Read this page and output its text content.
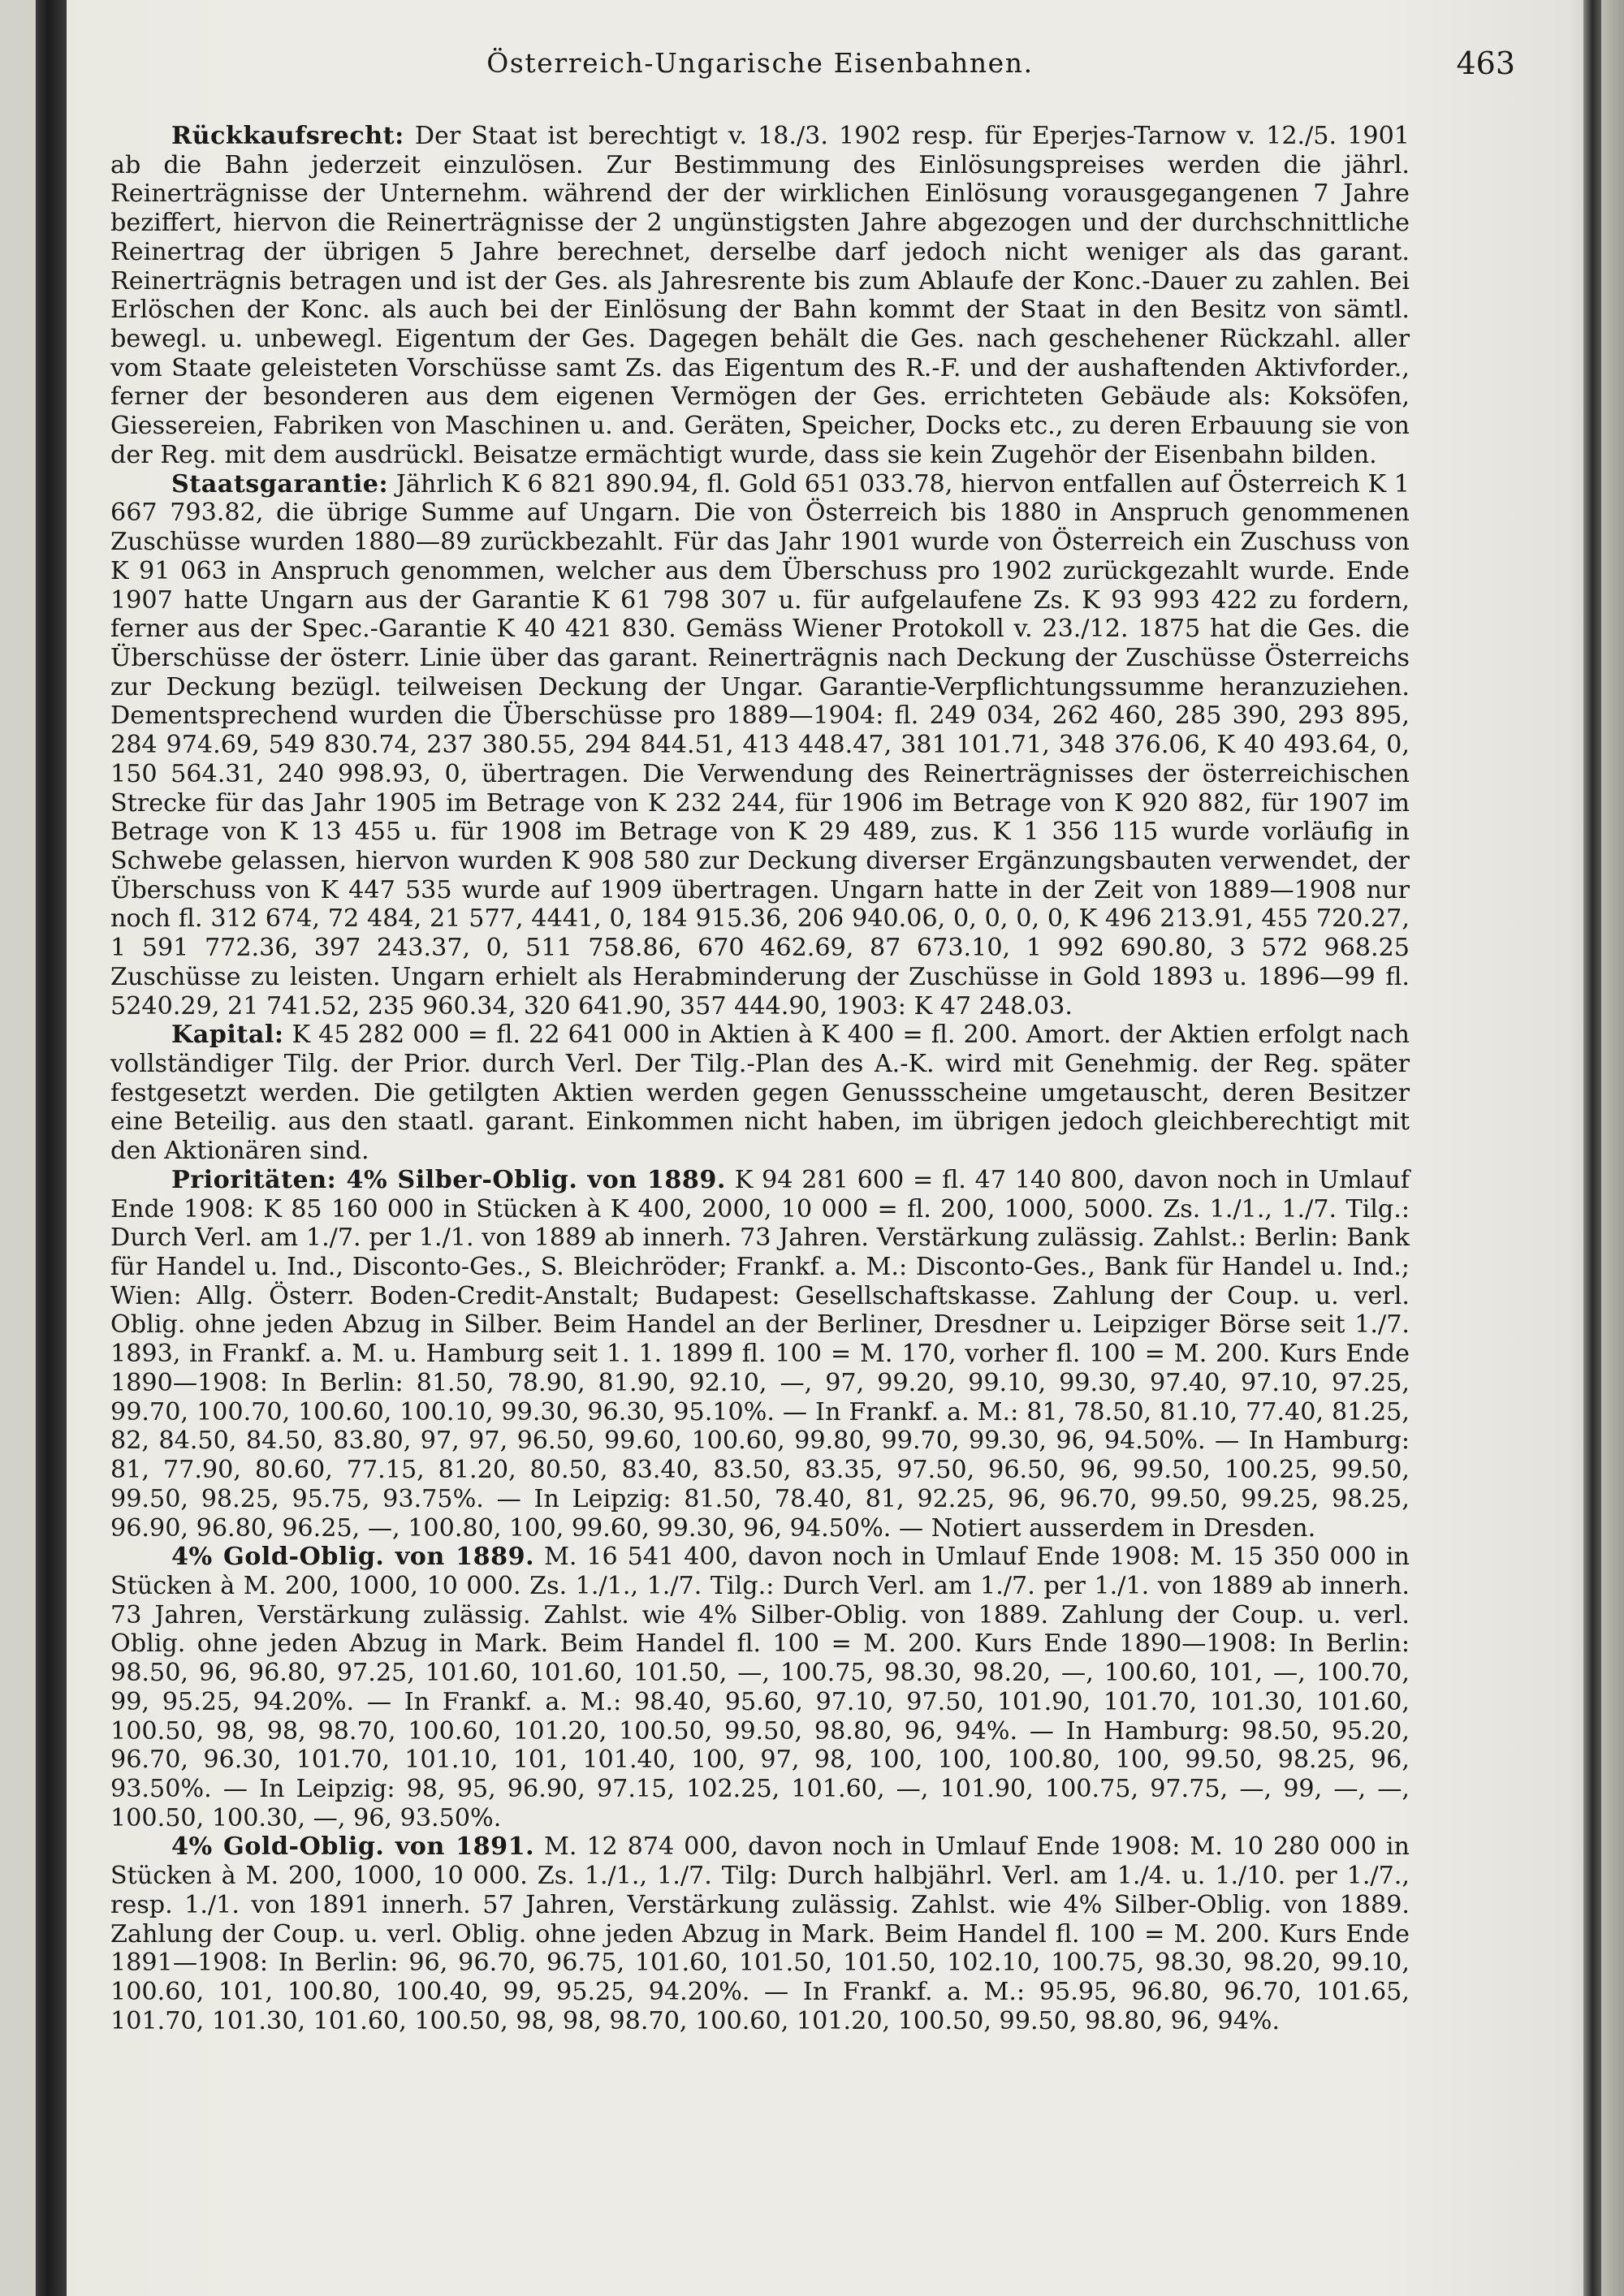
Österreich-Ungarische Eisenbahnen.	463

Rückkaufsrecht: Der Staat ist berechtigt v. 18./3. 1902 resp. für Eperjes-Tarnow v. 12./5. 1901 ab die Bahn jederzeit einzulösen. Zur Bestimmung des Einlösungspreises werden die jährl. Reinerträgnisse der Unternehm. während der der wirklichen Einlösung vorausgegangenen 7 Jahre beziffert, hiervon die Reinerträgnisse der 2 ungünstigsten Jahre abgezogen und der durchschnittliche Reinertrag der übrigen 5 Jahre berechnet, derselbe darf jedoch nicht weniger als das garant. Reinerträgnis betragen und ist der Ges. als Jahresrente bis zum Ablaufe der Konc.-Dauer zu zahlen. Bei Erlöschen der Konc. als auch bei der Einlösung der Bahn kommt der Staat in den Besitz von sämtl. bewegl. u. unbewegl. Eigentum der Ges. Dagegen behält die Ges. nach geschehener Rückzahl. aller vom Staate geleisteten Vorschüsse samt Zs. das Eigentum des R.-F. und der aushaftenden Aktivforder., ferner der besonderen aus dem eigenen Vermögen der Ges. errichteten Gebäude als: Koksöfen, Giessereien, Fabriken von Maschinen u. and. Geräten, Speicher, Docks etc., zu deren Erbauung sie von der Reg. mit dem ausdrückl. Beisatze ermächtigt wurde, dass sie kein Zugehör der Eisenbahn bilden.

Staatsgarantie: Jährlich K 6 821 890.94, fl. Gold 651 033.78, hiervon entfallen auf Österreich K 1 667 793.82, die übrige Summe auf Ungarn. Die von Österreich bis 1880 in Anspruch genommenen Zuschüsse wurden 1880—89 zurückbezahlt. Für das Jahr 1901 wurde von Österreich ein Zuschuss von K 91 063 in Anspruch genommen, welcher aus dem Überschuss pro 1902 zurückgezahlt wurde. Ende 1907 hatte Ungarn aus der Garantie K 61 798 307 u. für aufgelaufene Zs. K 93 993 422 zu fordern, ferner aus der Spec.-Garantie K 40 421 830. Gemäss Wiener Protokoll v. 23./12. 1875 hat die Ges. die Überschüsse der österr. Linie über das garant. Reinerträgnis nach Deckung der Zuschüsse Österreichs zur Deckung bezügl. teilweisen Deckung der Ungar. Garantie-Verpflichtungssumme heranzuziehen. Dementsprechend wurden die Überschüsse pro 1889—1904: fl. 249 034, 262 460, 285 390, 293 895, 284 974.69, 549 830.74, 237 380.55, 294 844.51, 413 448.47, 381 101.71, 348 376.06, K 40 493.64, 0, 150 564.31, 240 998.93, 0, übertragen. Die Verwendung des Reinerträgnisses der österreichischen Strecke für das Jahr 1905 im Betrage von K 232 244, für 1906 im Betrage von K 920 882, für 1907 im Betrage von K 13 455 u. für 1908 im Betrage von K 29 489, zus. K 1 356 115 wurde vorläufig in Schwebe gelassen, hiervon wurden K 908 580 zur Deckung diverser Ergänzungsbauten verwendet, der Überschuss von K 447 535 wurde auf 1909 übertragen. Ungarn hatte in der Zeit von 1889—1908 nur noch fl. 312 674, 72 484, 21 577, 4441, 0, 184 915.36, 206 940.06, 0, 0, 0, 0, K 496 213.91, 455 720.27, 1 591 772.36, 397 243.37, 0, 511 758.86, 670 462.69, 87 673.10, 1 992 690.80, 3 572 968.25 Zuschüsse zu leisten. Ungarn erhielt als Herabminderung der Zuschüsse in Gold 1893 u. 1896—99 fl. 5240.29, 21 741.52, 235 960.34, 320 641.90, 357 444.90, 1903: K 47 248.03.

Kapital: K 45 282 000 = fl. 22 641 000 in Aktien à K 400 = fl. 200. Amort. der Aktien erfolgt nach vollständiger Tilg. der Prior. durch Verl. Der Tilg.-Plan des A.-K. wird mit Genehmig. der Reg. später festgesetzt werden. Die getilgten Aktien werden gegen Genussscheine umgetauscht, deren Besitzer eine Beteilig. aus den staatl. garant. Einkommen nicht haben, im übrigen jedoch gleichberechtigt mit den Aktionären sind.

Prioritäten: 4% Silber-Oblig. von 1889. K 94 281 600 = fl. 47 140 800, davon noch in Umlauf Ende 1908: K 85 160 000 in Stücken à K 400, 2000, 10 000 = fl. 200, 1000, 5000. Zs. 1./1., 1./7. Tilg.: Durch Verl. am 1./7. per 1./1. von 1889 ab innerh. 73 Jahren. Verstärkung zulässig. Zahlst.: Berlin: Bank für Handel u. Ind., Disconto-Ges., S. Bleichröder; Frankf. a. M.: Disconto-Ges., Bank für Handel u. Ind.; Wien: Allg. Österr. Boden-Credit-Anstalt; Budapest: Gesellschaftskasse. Zahlung der Coup. u. verl. Oblig. ohne jeden Abzug in Silber. Beim Handel an der Berliner, Dresdner u. Leipziger Börse seit 1./7. 1893, in Frankf. a. M. u. Hamburg seit 1. 1. 1899 fl. 100 = M. 170, vorher fl. 100 = M. 200. Kurs Ende 1890—1908: In Berlin: 81.50, 78.90, 81.90, 92.10, —, 97, 99.20, 99.10, 99.30, 97.40, 97.10, 97.25, 99.70, 100.70, 100.60, 100.10, 99.30, 96.30, 95.10%. — In Frankf. a. M.: 81, 78.50, 81.10, 77.40, 81.25, 82, 84.50, 84.50, 83.80, 97, 97, 96.50, 99.60, 100.60, 99.80, 99.70, 99.30, 96, 94.50%. — In Hamburg: 81, 77.90, 80.60, 77.15, 81.20, 80.50, 83.40, 83.50, 83.35, 97.50, 96.50, 96, 99.50, 100.25, 99.50, 99.50, 98.25, 95.75, 93.75%. — In Leipzig: 81.50, 78.40, 81, 92.25, 96, 96.70, 99.50, 99.25, 98.25, 96.90, 96.80, 96.25, —, 100.80, 100, 99.60, 99.30, 96, 94.50%. — Notiert ausserdem in Dresden.

4% Gold-Oblig. von 1889. M. 16 541 400, davon noch in Umlauf Ende 1908: M. 15 350 000 in Stücken à M. 200, 1000, 10 000. Zs. 1./1., 1./7. Tilg.: Durch Verl. am 1./7. per 1./1. von 1889 ab innerh. 73 Jahren, Verstärkung zulässig. Zahlst. wie 4% Silber-Oblig. von 1889. Zahlung der Coup. u. verl. Oblig. ohne jeden Abzug in Mark. Beim Handel fl. 100 = M. 200. Kurs Ende 1890—1908: In Berlin: 98.50, 96, 96.80, 97.25, 101.60, 101.60, 101.50, —, 100.75, 98.30, 98.20, —, 100.60, 101, —, 100.70, 99, 95.25, 94.20%. — In Frankf. a. M.: 98.40, 95.60, 97.10, 97.50, 101.90, 101.70, 101.30, 101.60, 100.50, 98, 98, 98.70, 100.60, 101.20, 100.50, 99.50, 98.80, 96, 94%. — In Hamburg: 98.50, 95.20, 96.70, 96.30, 101.70, 101.10, 101, 101.40, 100, 97, 98, 100, 100, 100.80, 100, 99.50, 98.25, 96, 93.50%. — In Leipzig: 98, 95, 96.90, 97.15, 102.25, 101.60, —, 101.90, 100.75, 97.75, —, 99, —, —, 100.50, 100.30, —, 96, 93.50%.

4% Gold-Oblig. von 1891. M. 12 874 000, davon noch in Umlauf Ende 1908: M. 10 280 000 in Stücken à M. 200, 1000, 10 000. Zs. 1./1., 1./7. Tilg: Durch halbjährl. Verl. am 1./4. u. 1./10. per 1./7., resp. 1./1. von 1891 innerh. 57 Jahren, Verstärkung zulässig. Zahlst. wie 4% Silber-Oblig. von 1889. Zahlung der Coup. u. verl. Oblig. ohne jeden Abzug in Mark. Beim Handel fl. 100 = M. 200. Kurs Ende 1891—1908: In Berlin: 96, 96.70, 96.75, 101.60, 101.50, 101.50, 102.10, 100.75, 98.30, 98.20, 99.10, 100.60, 101, 100.80, 100.40, 99, 95.25, 94.20%. — In Frankf. a. M.: 95.95, 96.80, 96.70, 101.65, 101.70, 101.30, 101.60, 100.50, 98, 98, 98.70, 100.60, 101.20, 100.50, 99.50, 98.80, 96, 94%.
